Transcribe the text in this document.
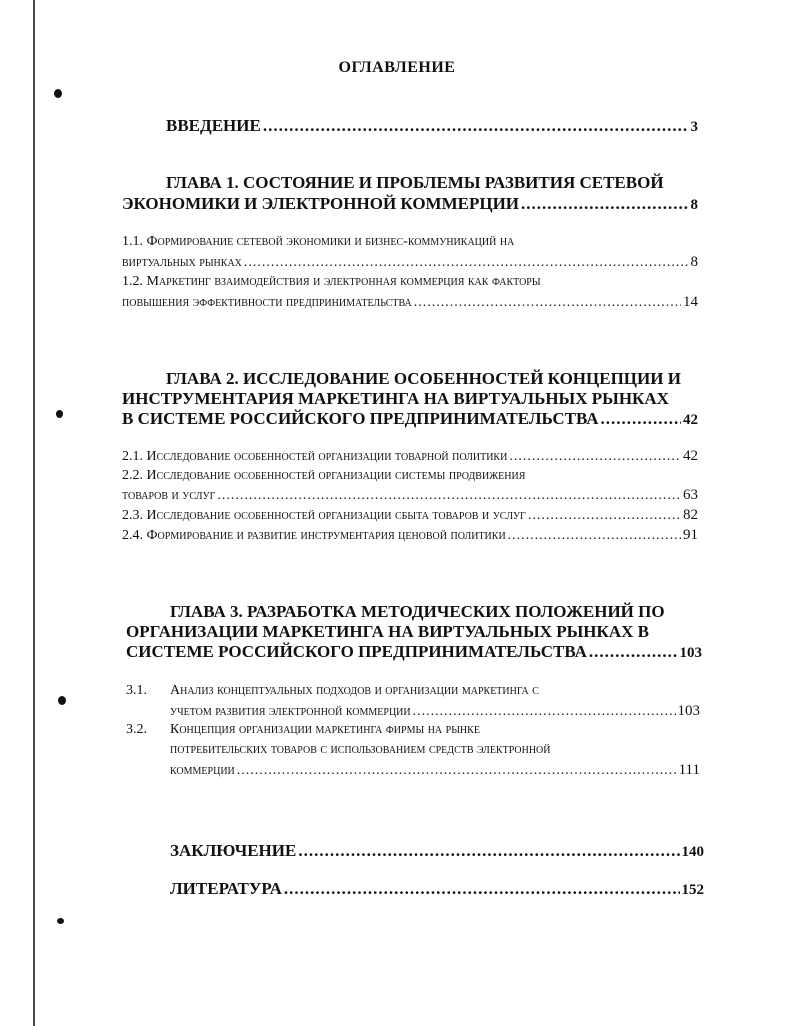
ОГЛАВЛЕНИЕ
ВВЕДЕНИЕ .....	3
ГЛАВА 1. СОСТОЯНИЕ И ПРОБЛЕМЫ РАЗВИТИЯ СЕТЕВОЙ
ЭКОНОМИКИ И ЭЛЕКТРОННОЙ КОММЕРЦИИ .....	8
1.1. Формирование сетевой экономики и бизнес-коммуникаций на
виртуальных рынках .....	8
1.2. Маркетинг взаимодействия и электронная коммерция как факторы
повышения эффективности предпринимательства .....	14
ГЛАВА 2. ИССЛЕДОВАНИЕ ОСОБЕННОСТЕЙ КОНЦЕПЦИИ И
ИНСТРУМЕНТАРИЯ МАРКЕТИНГА НА ВИРТУАЛЬНЫХ РЫНКАХ
В СИСТЕМЕ РОССИЙСКОГО ПРЕДПРИНИМАТЕЛЬСТВА .....	42
2.1. Исследование особенностей организации товарной политики .....	42
2.2. Исследование особенностей организации системы продвижения
товаров и услуг .....	63
2.3. Исследование особенностей организации сбыта товаров и услуг .....	82
2.4. Формирование и развитие инструментария ценовой политики .....	91
ГЛАВА 3. РАЗРАБОТКА МЕТОДИЧЕСКИХ ПОЛОЖЕНИЙ ПО
ОРГАНИЗАЦИИ МАРКЕТИНГА НА ВИРТУАЛЬНЫХ РЫНКАХ В
СИСТЕМЕ РОССИЙСКОГО ПРЕДПРИНИМАТЕЛЬСТВА .....	103
3.1. Анализ концептуальных подходов и организации маркетинга с
учетом развития электронной коммерции .....	103
3.2. Концепция организации маркетинга фирмы на рынке
потребительских товаров с использованием средств электронной
коммерции .....	111
ЗАКЛЮЧЕНИЕ .....	140
ЛИТЕРАТУРА .....	152
